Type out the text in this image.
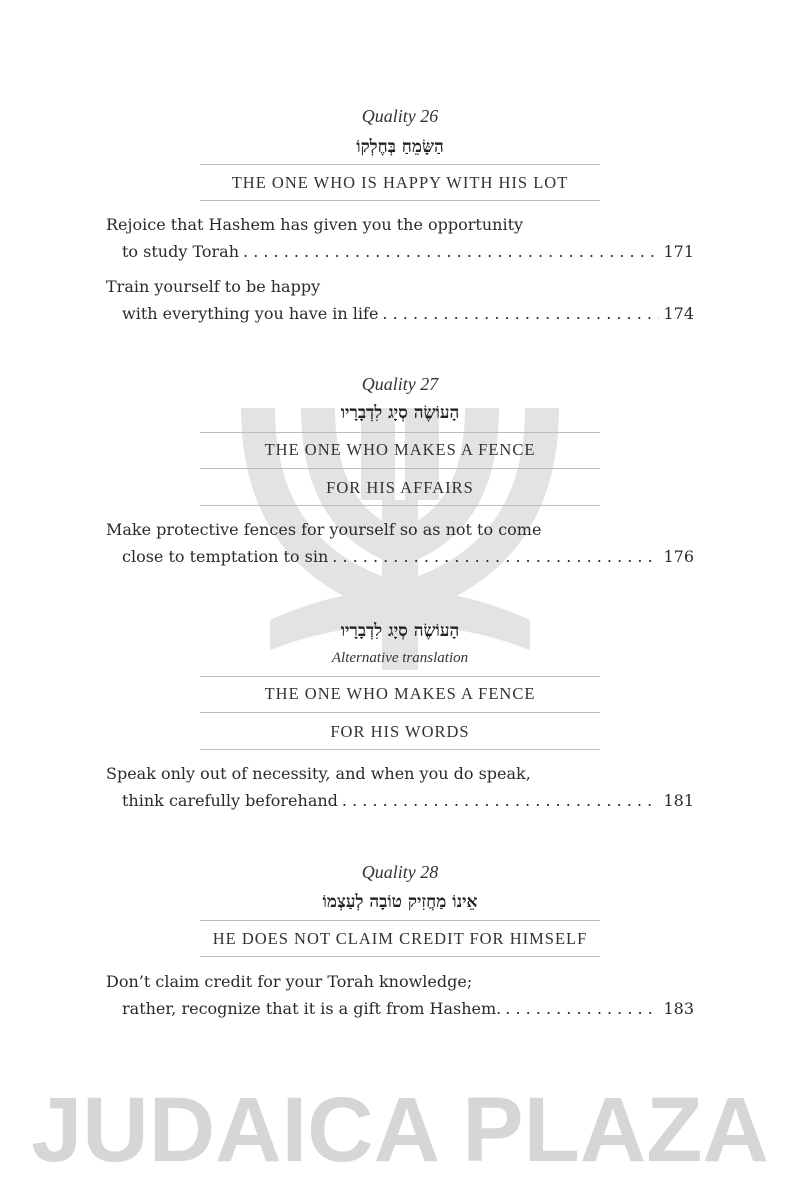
JUDAICA PLAZA
Quality 26
הַשָּׂמֵחַ בְּחֶלְקוֹ
THE ONE WHO IS HAPPY WITH HIS LOT
Rejoice that Hashem has given you the opportunity
to study Torah . . .	171
Train yourself to be happy
with everything you have in life . . .	174
Quality 27
הָעוֹשֶׂה סְיָג לִדְבָרָיו
THE ONE WHO MAKES A FENCE
FOR HIS AFFAIRS
Make protective fences for yourself so as not to come
close to temptation to sin . . .	176
הָעוֹשֶׂה סְיָג לִדְבָרָיו
Alternative translation
THE ONE WHO MAKES A FENCE
FOR HIS WORDS
Speak only out of necessity, and when you do speak,
think carefully beforehand . . .	181
Quality 28
אֵינוֹ מַחֲזִיק טוֹבָה לְעַצְמוֹ
HE DOES NOT CLAIM CREDIT FOR HIMSELF
Don’t claim credit for your Torah knowledge;
rather, recognize that it is a gift from Hashem. . . .	183
